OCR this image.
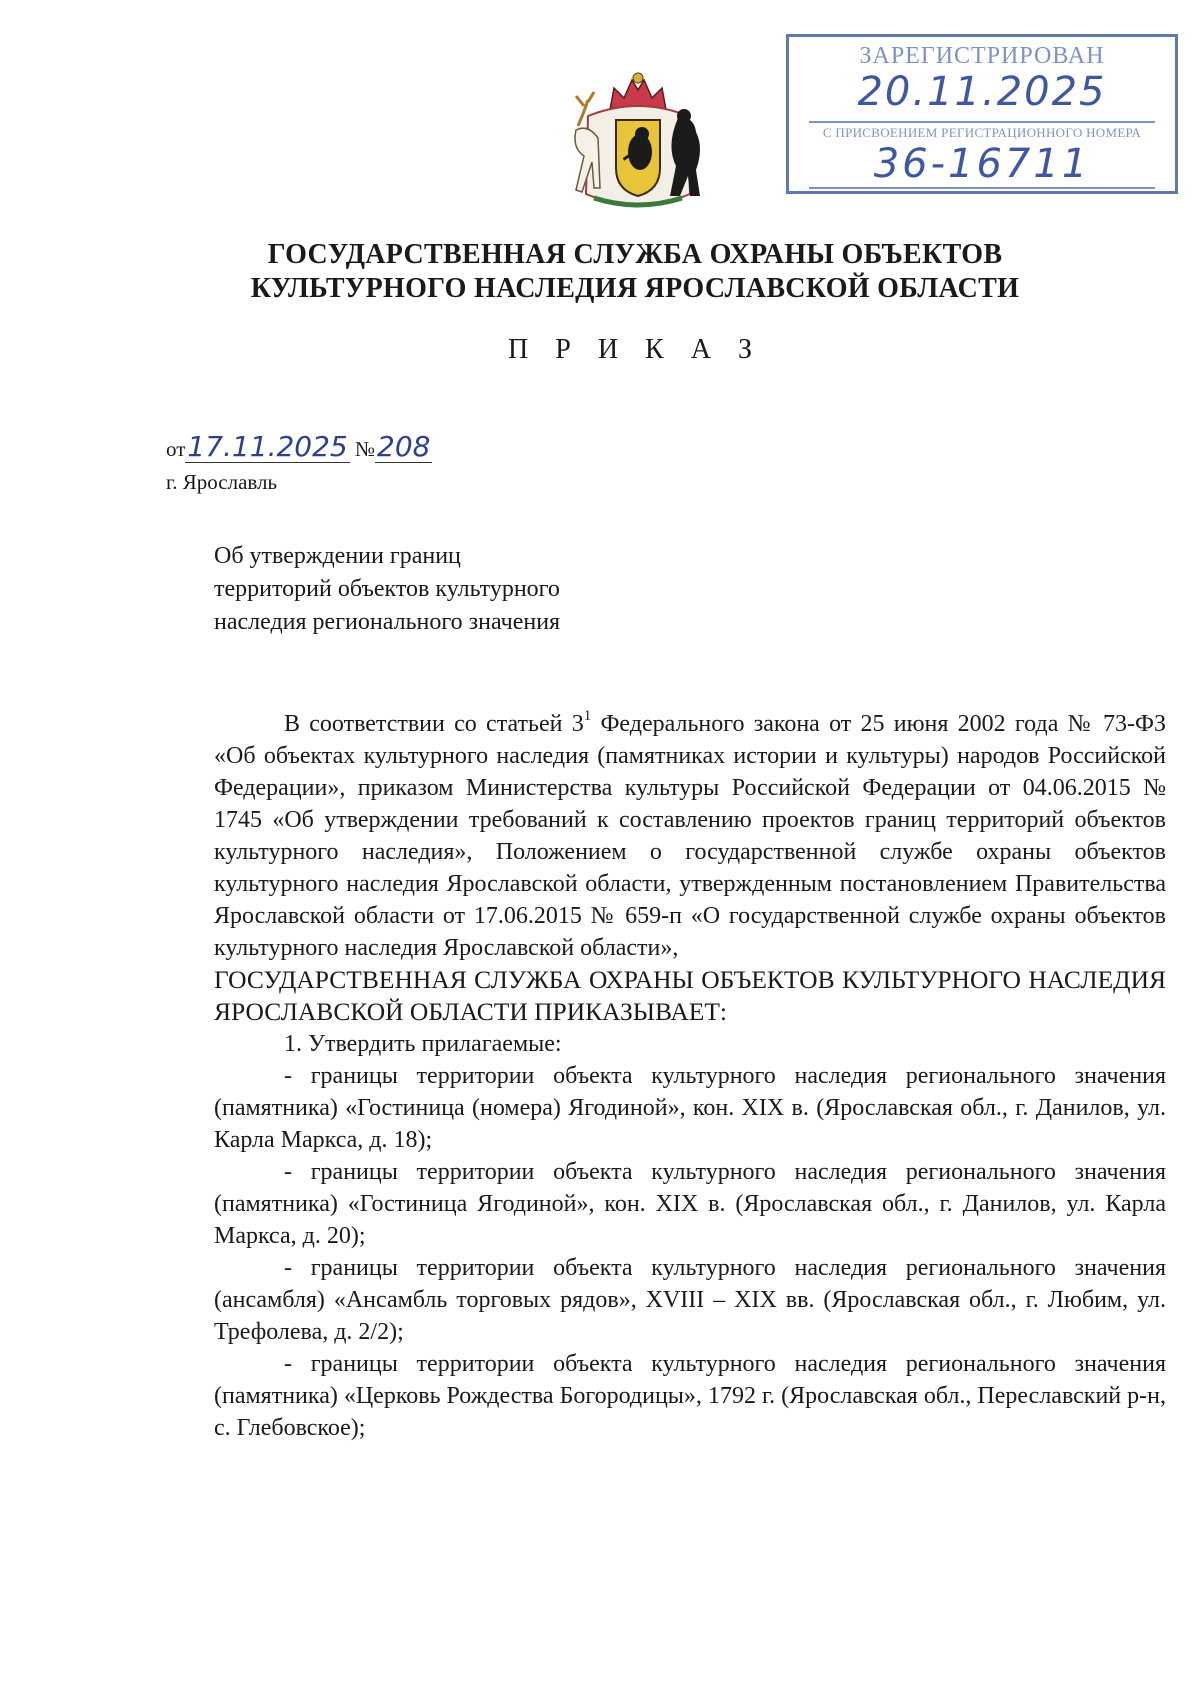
ЗАРЕГИСТРИРОВАН
20.11.2025
С ПРИСВОЕНИЕМ РЕГИСТРАЦИОННОГО НОМЕРА
36-16711
ГОСУДАРСТВЕННАЯ СЛУЖБА ОХРАНЫ ОБЪЕКТОВ
КУЛЬТУРНОГО НАСЛЕДИЯ ЯРОСЛАВСКОЙ ОБЛАСТИ
П Р И К А З
от17.11.2025 №208
г. Ярославль
Об утверждении границ
территорий объектов культурного
наследия регионального значения

В соответствии со статьей $3^1$ Федерального закона от 25 июня 2002 года № 73-ФЗ «Об объектах культурного наследия (памятниках истории и культуры) народов Российской Федерации», приказом Министерства культуры Российской Федерации от 04.06.2015 № 1745 «Об утверждении требований к составлению проектов границ территорий объектов культурного наследия», Положением о государственной службе охраны объектов культурного наследия Ярославской области, утвержденным постановлением Правительства Ярославской области от 17.06.2015 № 659-п «О государственной службе охраны объектов культурного наследия Ярославской области»,

ГОСУДАРСТВЕННАЯ СЛУЖБА ОХРАНЫ ОБЪЕКТОВ КУЛЬТУРНОГО НАСЛЕДИЯ ЯРОСЛАВСКОЙ ОБЛАСТИ ПРИКАЗЫВАЕТ:

1. Утвердить прилагаемые:

- границы территории объекта культурного наследия регионального значения (памятника) «Гостиница (номера) Ягодиной», кон. XIX в. (Ярославская обл., г. Данилов, ул. Карла Маркса, д. 18);

- границы территории объекта культурного наследия регионального значения (памятника) «Гостиница Ягодиной», кон. XIX в. (Ярославская обл., г. Данилов, ул. Карла Маркса, д. 20);

- границы территории объекта культурного наследия регионального значения (ансамбля) «Ансамбль торговых рядов», XVIII – XIX вв. (Ярославская обл., г. Любим, ул. Трефолева, д. 2/2);

- границы территории объекта культурного наследия регионального значения (памятника) «Церковь Рождества Богородицы», 1792 г. (Ярославская обл., Переславский р-н, с. Глебовское);
